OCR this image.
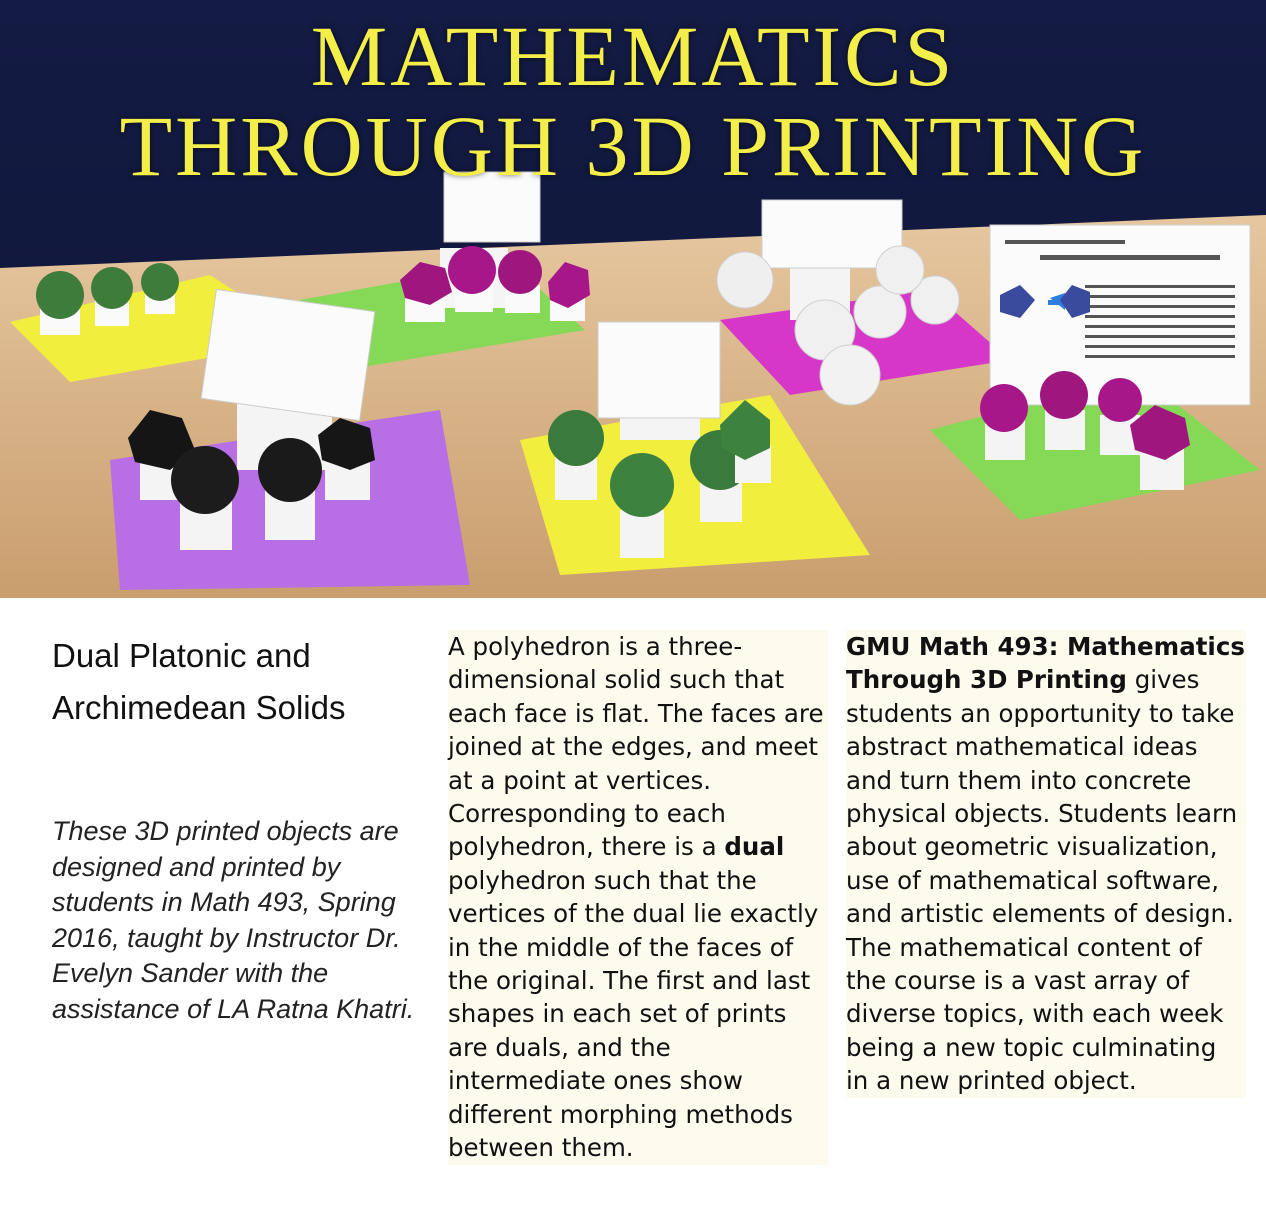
MATHEMATICS
THROUGH 3D PRINTING
Dual Platonic and
Archimedean Solids

These 3D printed objects are designed and printed by students in Math 493, Spring 2016, taught by Instructor Dr. Evelyn Sander with the assistance of LA Ratna Khatri.

A polyhedron is a three-dimensional solid such that each face is flat. The faces are joined at the edges, and meet at a point at vertices. Corresponding to each polyhedron, there is a dual polyhedron such that the vertices of the dual lie exactly in the middle of the faces of the original. The first and last shapes in each set of prints are duals, and the intermediate ones show different morphing methods between them.

GMU Math 493: Mathematics Through 3D Printing gives students an opportunity to take abstract mathematical ideas and turn them into concrete physical objects. Students learn about geometric visualization, use of mathematical software, and artistic elements of design. The mathematical content of the course is a vast array of diverse topics, with each week being a new topic culminating in a new printed object.
